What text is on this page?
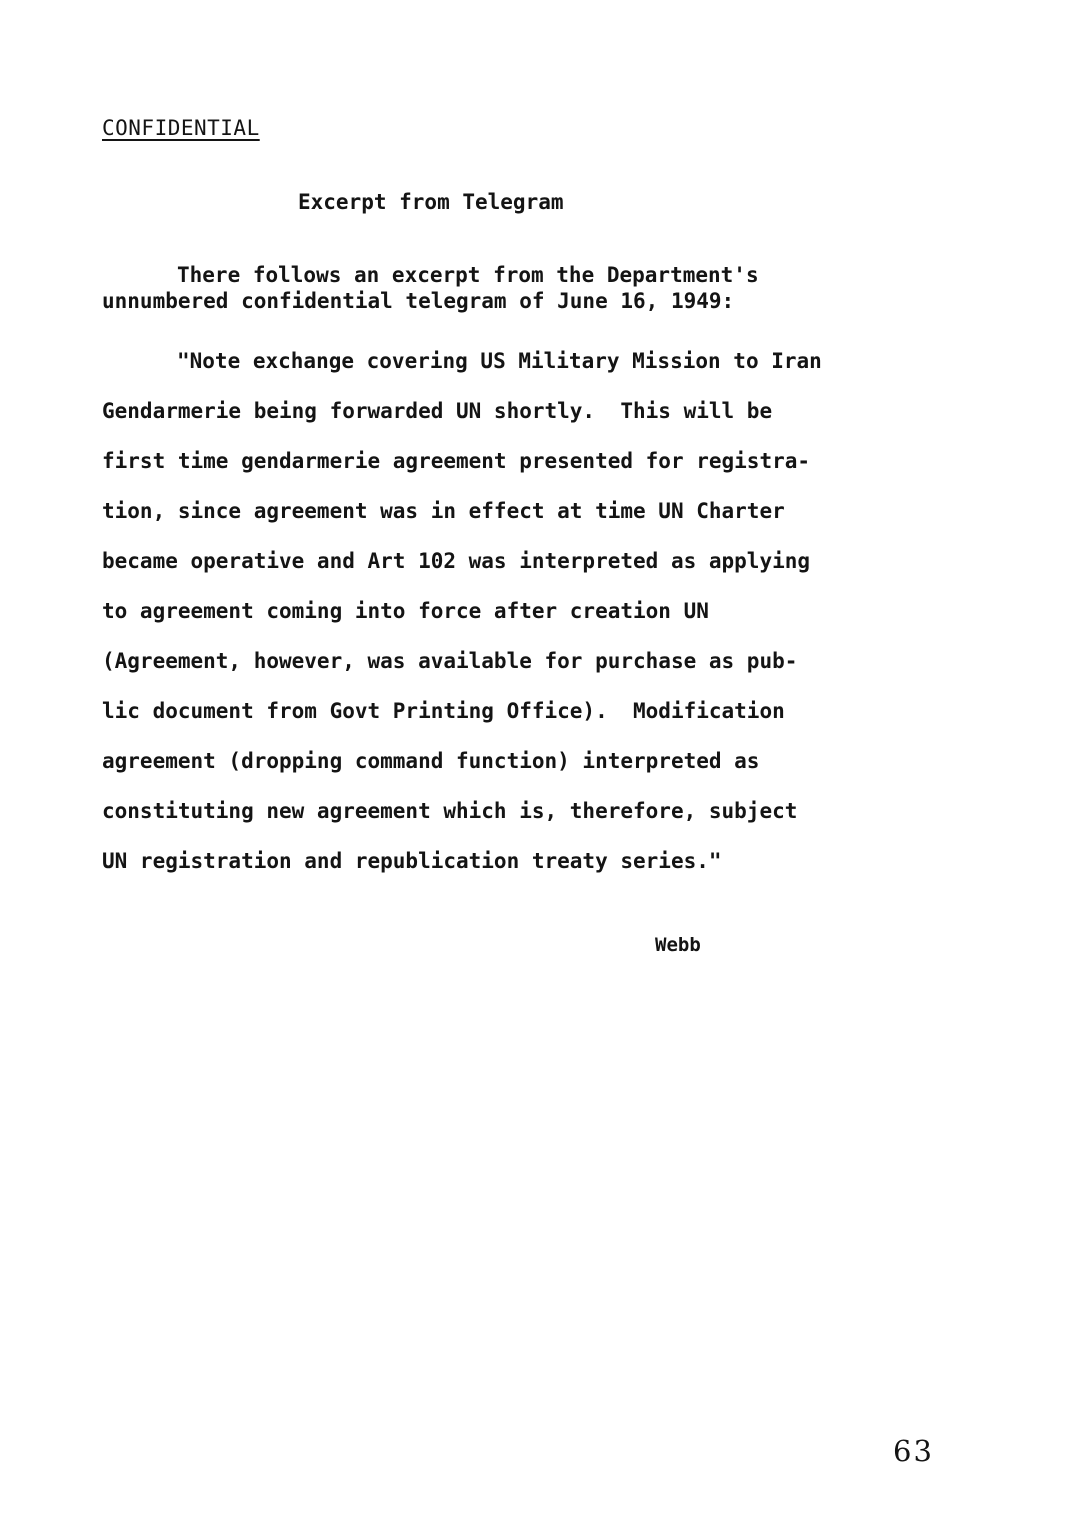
CONFIDENTIAL
Excerpt from Telegram
There follows an excerpt from the Department's
unnumbered confidential telegram of June 16, 1949:
"Note exchange covering US Military Mission to Iran
Gendarmerie being forwarded UN shortly.  This will be
first time gendarmerie agreement presented for registra-
tion, since agreement was in effect at time UN Charter
became operative and Art 102 was interpreted as applying
to agreement coming into force after creation UN
(Agreement, however, was available for purchase as pub-
lic document from Govt Printing Office).  Modification
agreement (dropping command function) interpreted as
constituting new agreement which is, therefore, subject
UN registration and republication treaty series."
Webb
63
